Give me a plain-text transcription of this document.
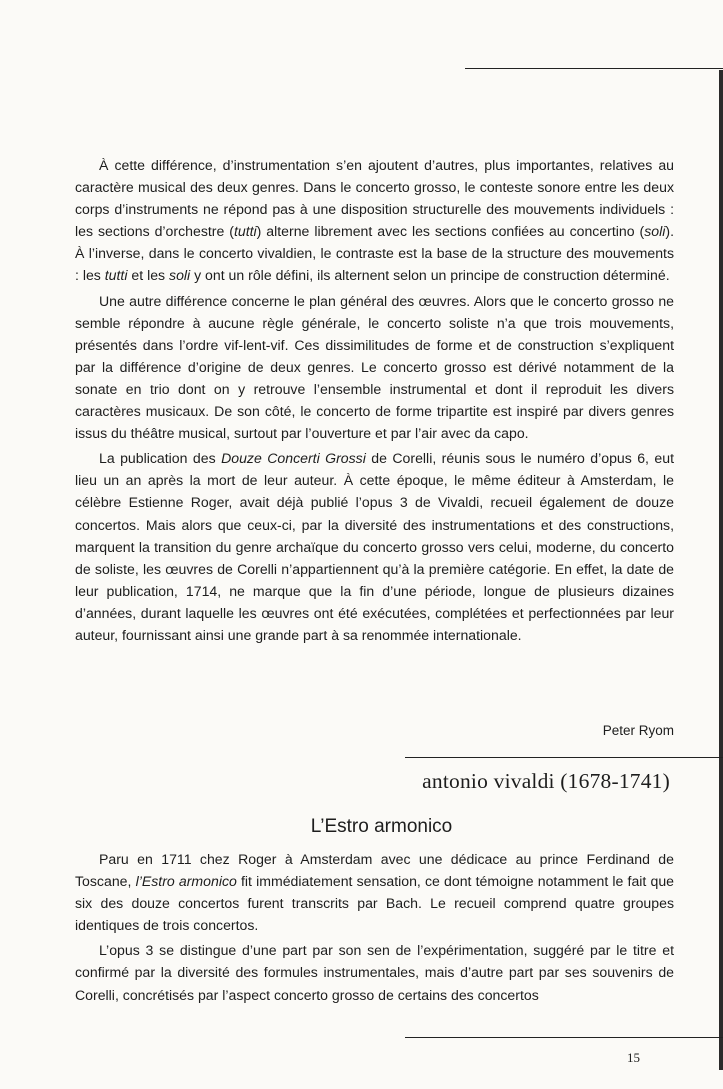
À cette différence, d’instrumentation s’en ajoutent d’autres, plus importantes, relatives au caractère musical des deux genres. Dans le concerto grosso, le conteste sonore entre les deux corps d’instruments ne répond pas à une disposition structurelle des mouvements individuels : les sections d’orchestre (tutti) alterne librement avec les sections confiées au concertino (soli). À l’inverse, dans le concerto vivaldien, le contraste est la base de la structure des mouvements : les tutti et les soli y ont un rôle défini, ils alternent selon un principe de construction déterminé.

Une autre différence concerne le plan général des œuvres. Alors que le concerto grosso ne semble répondre à aucune règle générale, le concerto soliste n’a que trois mouvements, présentés dans l’ordre vif-lent-vif. Ces dissimilitudes de forme et de construction s’expliquent par la différence d’origine de deux genres. Le concerto grosso est dérivé notamment de la sonate en trio dont on y retrouve l’ensemble instrumental et dont il reproduit les divers caractères musicaux. De son côté, le concerto de forme tripartite est inspiré par divers genres issus du théâtre musical, surtout par l’ouverture et par l’air avec da capo.

La publication des Douze Concerti Grossi de Corelli, réunis sous le numéro d’opus 6, eut lieu un an après la mort de leur auteur. À cette époque, le même éditeur à Amsterdam, le célèbre Estienne Roger, avait déjà publié l’opus 3 de Vivaldi, recueil également de douze concertos. Mais alors que ceux-ci, par la diversité des instrumentations et des constructions, marquent la transition du genre archaïque du concerto grosso vers celui, moderne, du concerto de soliste, les œuvres de Corelli n’appartiennent qu’à la première catégorie. En effet, la date de leur publication, 1714, ne marque que la fin d’une période, longue de plusieurs dizaines d’années, durant laquelle les œuvres ont été exécutées, complétées et perfectionnées par leur auteur, fournissant ainsi une grande part à sa renommée internationale.

Peter Ryom
antonio vivaldi (1678-1741)
L’Estro armonico

Paru en 1711 chez Roger à Amsterdam avec une dédicace au prince Ferdinand de Toscane, l’Estro armonico fit immédiatement sensation, ce dont témoigne notamment le fait que six des douze concertos furent transcrits par Bach. Le recueil comprend quatre groupes identiques de trois concertos.

L’opus 3 se distingue d’une part par son sen de l’expérimentation, suggéré par le titre et confirmé par la diversité des formules instrumentales, mais d’autre part par ses souvenirs de Corelli, concrétisés par l’aspect concerto grosso de certains des concertos

15
